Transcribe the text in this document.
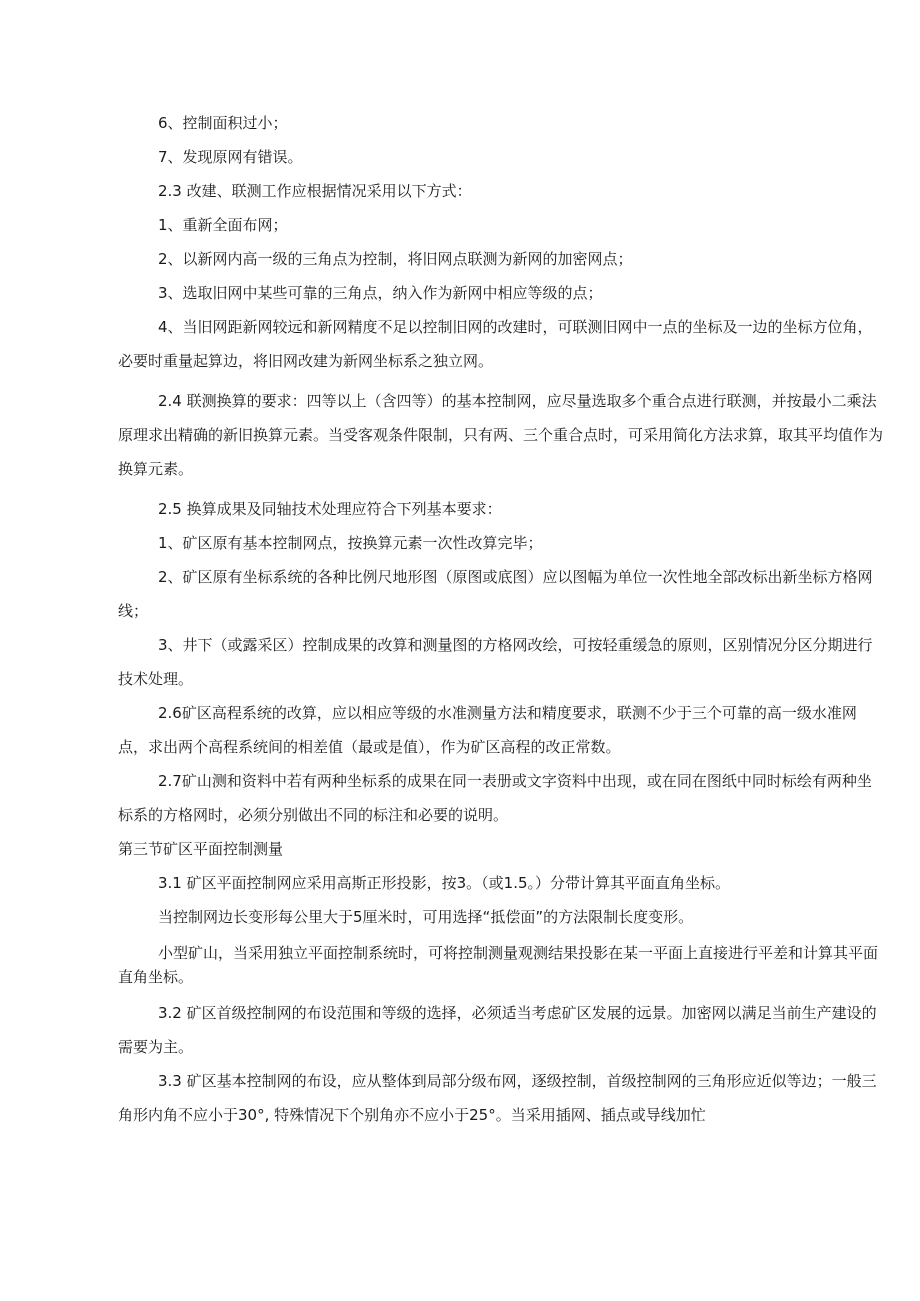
6、控制面积过小；

7、发现原网有错误。

2.3 改建、联测工作应根据情况采用以下方式：

1、重新全面布网；

2、以新网内高一级的三角点为控制，将旧网点联测为新网的加密网点；

3、选取旧网中某些可靠的三角点，纳入作为新网中相应等级的点；

4、当旧网距新网较远和新网精度不足以控制旧网的改建时，可联测旧网中一点的坐标及一边的坐标方位角，必要时重量起算边，将旧网改建为新网坐标系之独立网。

2.4 联测换算的要求：四等以上（含四等）的基本控制网，应尽量选取多个重合点进行联测，并按最小二乘法原理求出精确的新旧换算元素。当受客观条件限制，只有两、三个重合点时，可采用简化方法求算，取其平均值作为换算元素。

2.5 换算成果及同轴技术处理应符合下列基本要求：

1、矿区原有基本控制网点，按换算元素一次性改算完毕；

2、矿区原有坐标系统的各种比例尺地形图（原图或底图）应以图幅为单位一次性地全部改标出新坐标方格网线；

3、井下（或露采区）控制成果的改算和测量图的方格网改绘，可按轻重缓急的原则，区别情况分区分期进行技术处理。

2.6矿区高程系统的改算，应以相应等级的水准测量方法和精度要求，联测不少于三个可靠的高一级水准网点，求出两个高程系统间的相差值（最或是值），作为矿区高程的改正常数。

2.7矿山测和资料中若有两种坐标系的成果在同一表册或文字资料中出现，或在同在图纸中同时标绘有两种坐标系的方格网时，必须分别做出不同的标注和必要的说明。

第三节矿区平面控制测量

3.1 矿区平面控制网应采用高斯正形投影，按3。（或1.5。）分带计算其平面直角坐标。

当控制网边长变形每公里大于5厘米时，可用选择“抵偿面”的方法限制长度变形。

小型矿山，当采用独立平面控制系统时，可将控制测量观测结果投影在某一平面上直接进行平差和计算其平面直角坐标。

3.2 矿区首级控制网的布设范围和等级的选择，必须适当考虑矿区发展的远景。加密网以满足当前生产建设的需要为主。

3.3 矿区基本控制网的布设，应从整体到局部分级布网，逐级控制，首级控制网的三角形应近似等边；一般三角形内角不应小于30°, 特殊情况下个别角亦不应小于25°。当采用插网、插点或导线加忙
